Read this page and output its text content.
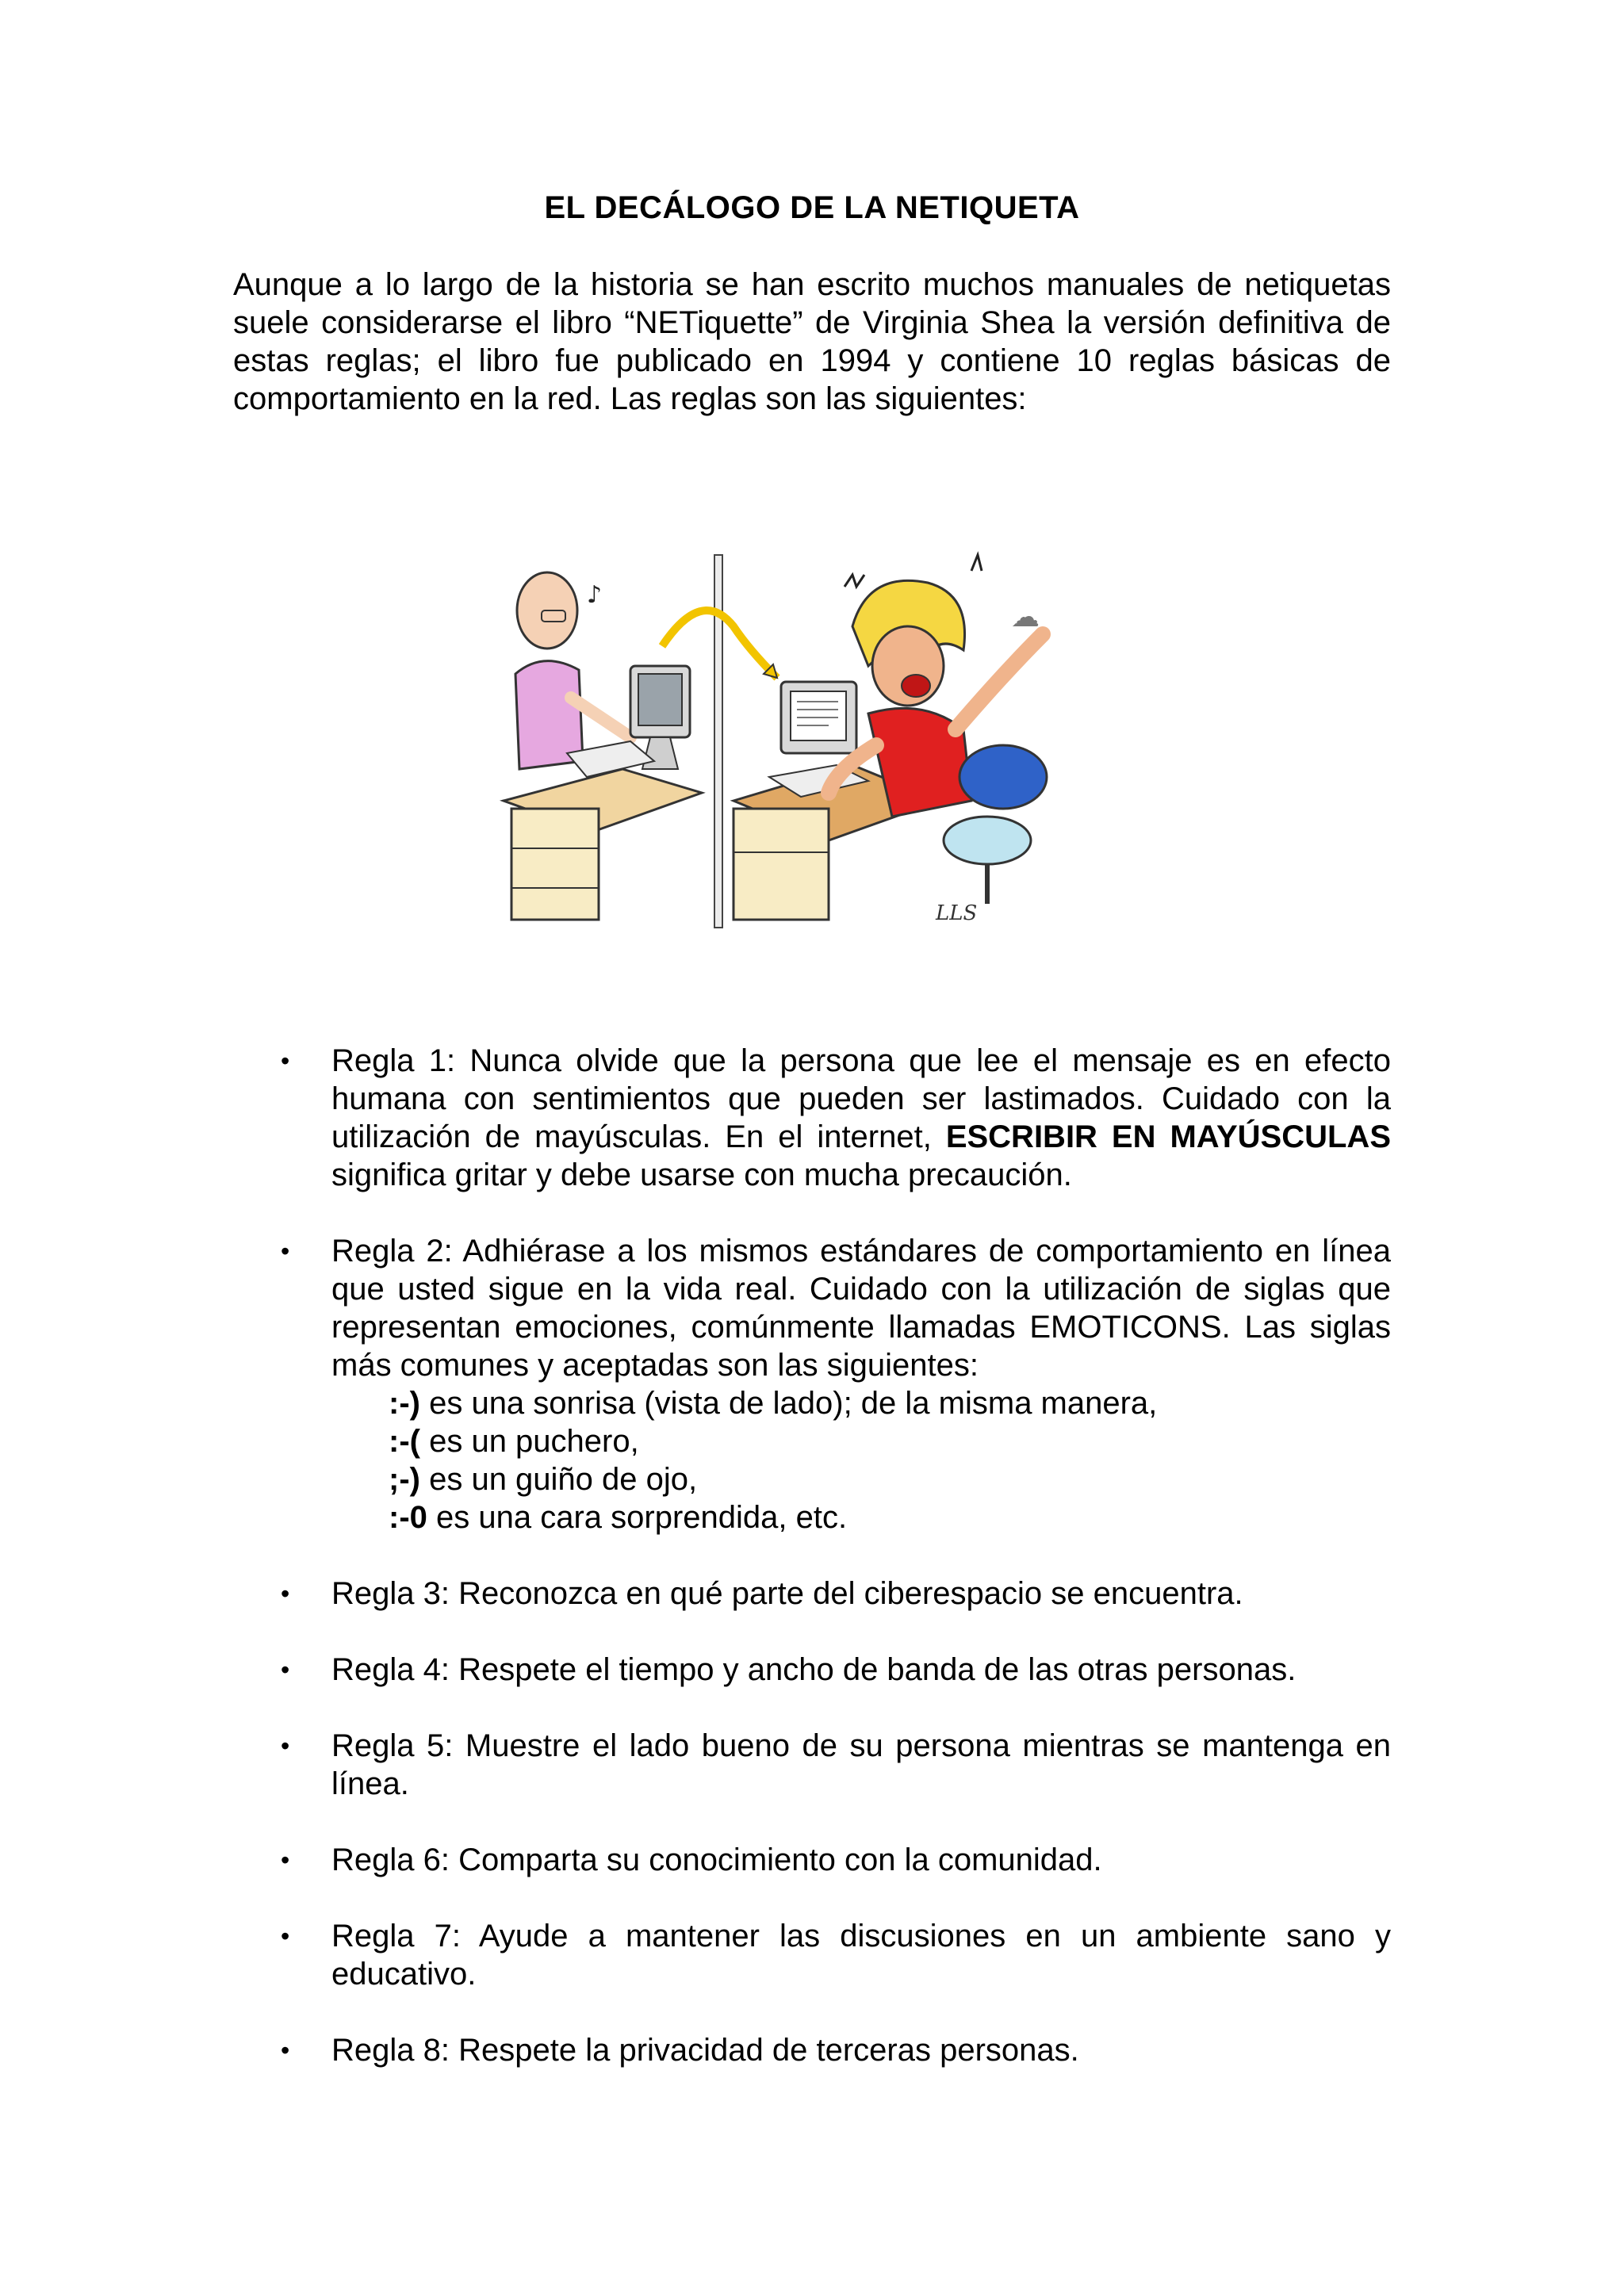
EL DECÁLOGO DE LA NETIQUETA
Aunque a lo largo de la historia se han escrito muchos manuales de netiquetas suele considerarse el libro “NETiquette” de Virginia Shea la versión definitiva de estas reglas; el libro fue publicado en 1994 y contiene 10 reglas básicas de comportamiento en la red. Las reglas son las siguientes:
♪
☁
LLS
• Regla 1: Nunca olvide que la persona que lee el mensaje es en efecto humana con sentimientos que pueden ser lastimados. Cuidado con la utilización de mayúsculas. En el internet, ESCRIBIR EN MAYÚSCULAS significa gritar y debe usarse con mucha precaución.
• Regla 2: Adhiérase a los mismos estándares de comportamiento en línea que usted sigue en la vida real. Cuidado con la utilización de siglas que representan emociones, comúnmente llamadas EMOTICONS. Las siglas más comunes y aceptadas son las siguientes:
:-) es una sonrisa (vista de lado); de la misma manera,
:-( es un puchero,
;-) es un guiño de ojo,
:-0 es una cara sorprendida, etc.
• Regla 3: Reconozca en qué parte del ciberespacio se encuentra.
• Regla 4: Respete el tiempo y ancho de banda de las otras personas.
• Regla 5: Muestre el lado bueno de su persona mientras se mantenga en línea.
• Regla 6: Comparta su conocimiento con la comunidad.
• Regla 7: Ayude a mantener las discusiones en un ambiente sano y educativo.
• Regla 8: Respete la privacidad de terceras personas.
